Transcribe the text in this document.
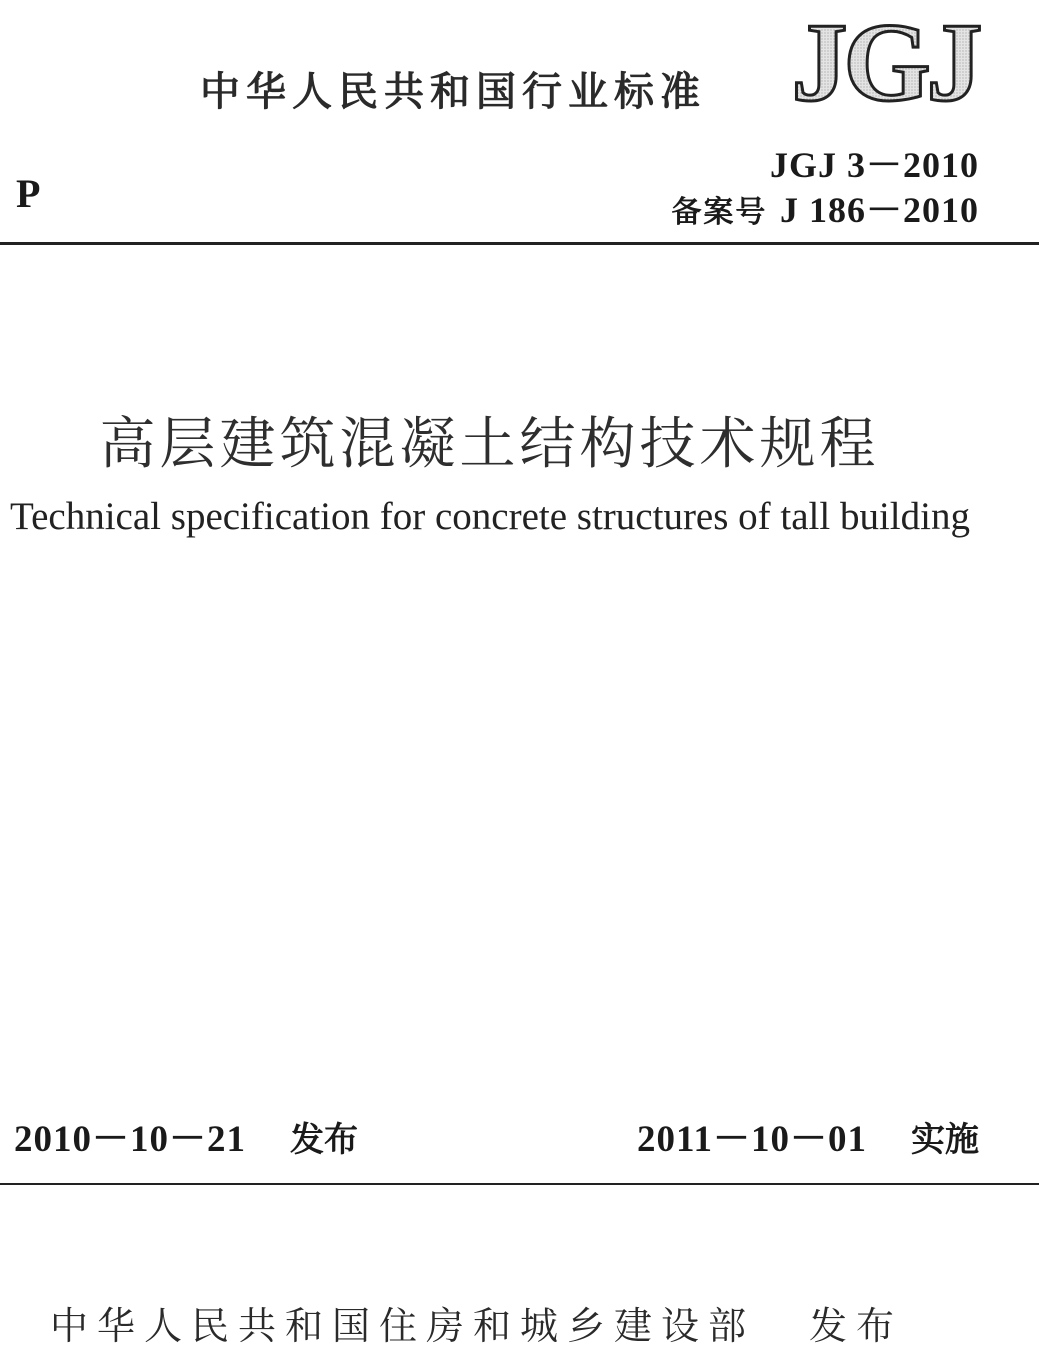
中华人民共和国行业标准 JGJ
P
JGJ 3－2010
备案号 J 186－2010
高层建筑混凝土结构技术规程
Technical specification for concrete structures of tall building
2010－10－21 发布	2011－10－01 实施
中华人民共和国住房和城乡建设部 发布
